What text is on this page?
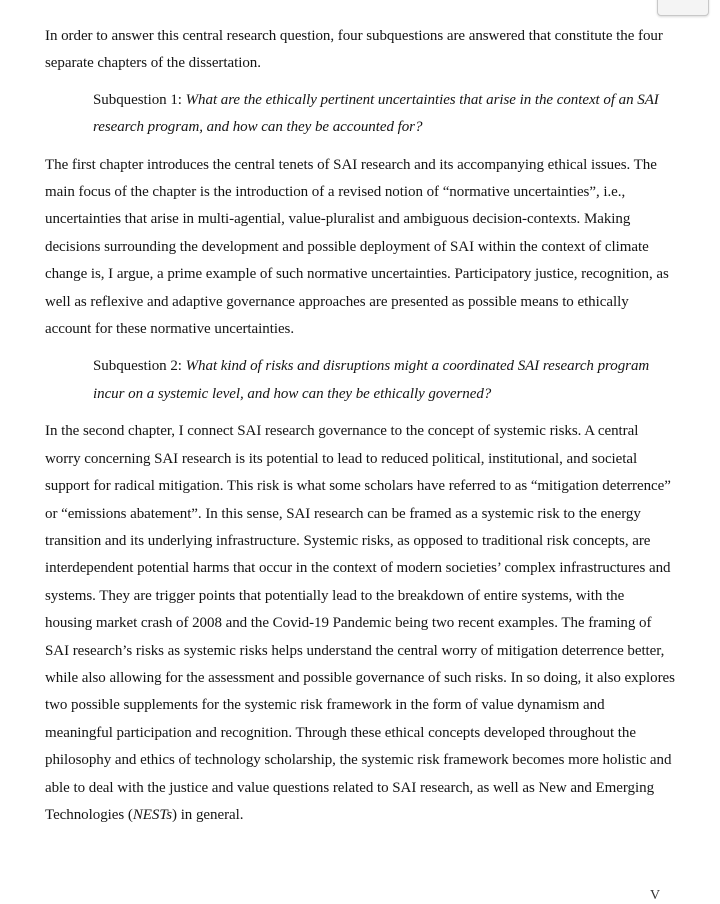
In order to answer this central research question, four subquestions are answered that constitute the four separate chapters of the dissertation.

Subquestion 1: What are the ethically pertinent uncertainties that arise in the context of an SAI research program, and how can they be accounted for?

The first chapter introduces the central tenets of SAI research and its accompanying ethical issues. The main focus of the chapter is the introduction of a revised notion of “normative uncertainties”, i.e., uncertainties that arise in multi-agential, value-pluralist and ambiguous decision-contexts. Making decisions surrounding the development and possible deployment of SAI within the context of climate change is, I argue, a prime example of such normative uncertainties. Participatory justice, recognition, as well as reflexive and adaptive governance approaches are presented as possible means to ethically account for these normative uncertainties.

Subquestion 2: What kind of risks and disruptions might a coordinated SAI research program incur on a systemic level, and how can they be ethically governed?

In the second chapter, I connect SAI research governance to the concept of systemic risks. A central worry concerning SAI research is its potential to lead to reduced political, institutional, and societal support for radical mitigation. This risk is what some scholars have referred to as “mitigation deterrence” or “emissions abatement”. In this sense, SAI research can be framed as a systemic risk to the energy transition and its underlying infrastructure. Systemic risks, as opposed to traditional risk concepts, are interdependent potential harms that occur in the context of modern societies’ complex infrastructures and systems. They are trigger points that potentially lead to the breakdown of entire systems, with the housing market crash of 2008 and the Covid-19 Pandemic being two recent examples. The framing of SAI research’s risks as systemic risks helps understand the central worry of mitigation deterrence better, while also allowing for the assessment and possible governance of such risks. In so doing, it also explores two possible supplements for the systemic risk framework in the form of value dynamism and meaningful participation and recognition. Through these ethical concepts developed throughout the philosophy and ethics of technology scholarship, the systemic risk framework becomes more holistic and able to deal with the justice and value questions related to SAI research, as well as New and Emerging Technologies (NESTs) in general.

V
